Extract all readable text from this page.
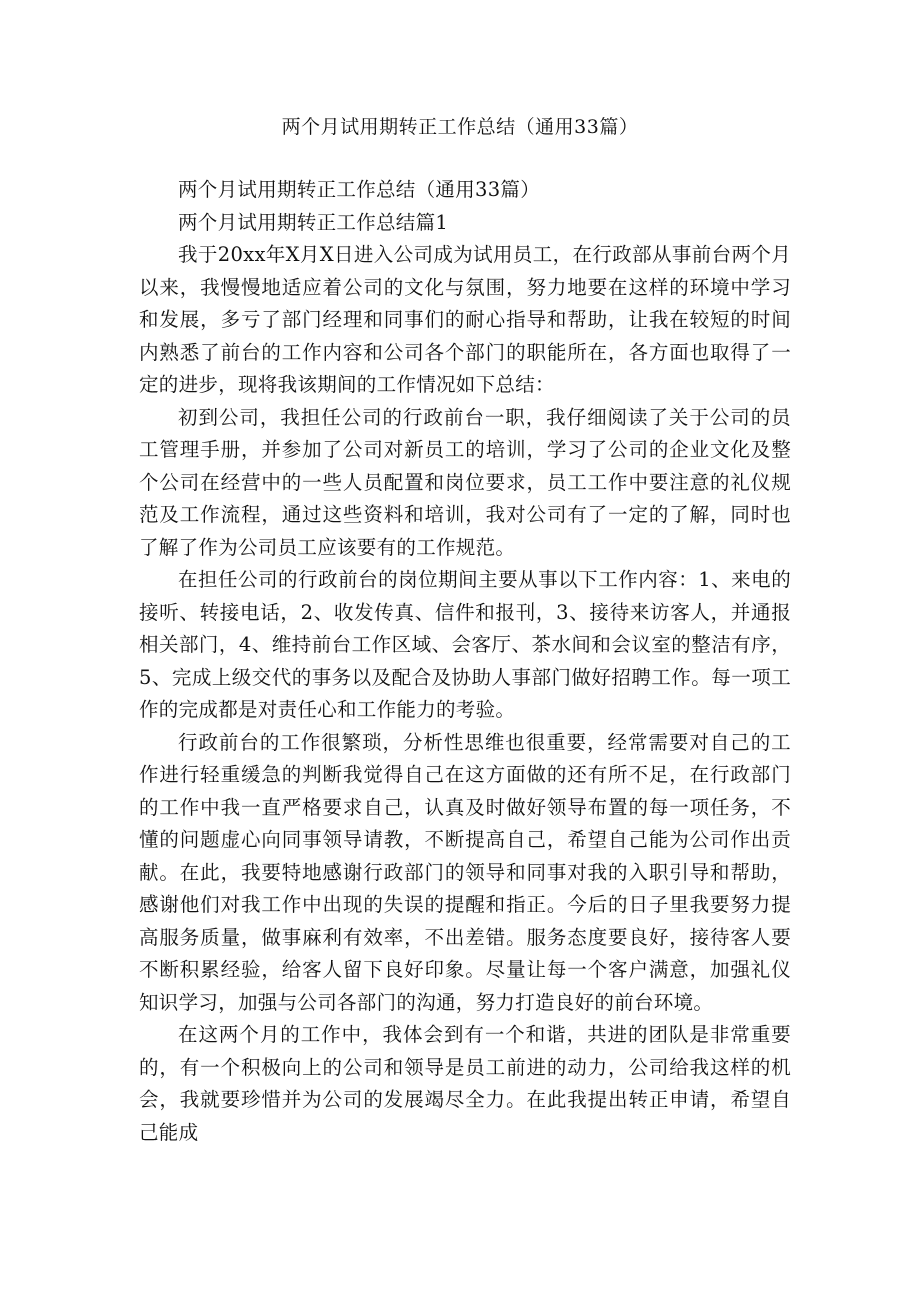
两个月试用期转正工作总结（通用33篇）

两个月试用期转正工作总结（通用33篇）

两个月试用期转正工作总结篇1

我于20xx年X月X日进入公司成为试用员工，在行政部从事前台两个月以来，我慢慢地适应着公司的文化与氛围，努力地要在这样的环境中学习和发展，多亏了部门经理和同事们的耐心指导和帮助，让我在较短的时间内熟悉了前台的工作内容和公司各个部门的职能所在，各方面也取得了一定的进步，现将我该期间的工作情况如下总结：

初到公司，我担任公司的行政前台一职，我仔细阅读了关于公司的员工管理手册，并参加了公司对新员工的培训，学习了公司的企业文化及整个公司在经营中的一些人员配置和岗位要求，员工工作中要注意的礼仪规范及工作流程，通过这些资料和培训，我对公司有了一定的了解，同时也了解了作为公司员工应该要有的工作规范。

在担任公司的行政前台的岗位期间主要从事以下工作内容：1、来电的接听、转接电话，2、收发传真、信件和报刊，3、接待来访客人，并通报相关部门，4、维持前台工作区域、会客厅、茶水间和会议室的整洁有序，5、完成上级交代的事务以及配合及协助人事部门做好招聘工作。每一项工作的完成都是对责任心和工作能力的考验。

行政前台的工作很繁琐，分析性思维也很重要，经常需要对自己的工作进行轻重缓急的判断我觉得自己在这方面做的还有所不足，在行政部门的工作中我一直严格要求自己，认真及时做好领导布置的每一项任务，不懂的问题虚心向同事领导请教，不断提高自己，希望自己能为公司作出贡献。在此，我要特地感谢行政部门的领导和同事对我的入职引导和帮助，感谢他们对我工作中出现的失误的提醒和指正。今后的日子里我要努力提高服务质量，做事麻利有效率，不出差错。服务态度要良好，接待客人要不断积累经验，给客人留下良好印象。尽量让每一个客户满意，加强礼仪知识学习，加强与公司各部门的沟通，努力打造良好的前台环境。

在这两个月的工作中，我体会到有一个和谐，共进的团队是非常重要的，有一个积极向上的公司和领导是员工前进的动力，公司给我这样的机会，我就要珍惜并为公司的发展竭尽全力。在此我提出转正申请，希望自己能成
